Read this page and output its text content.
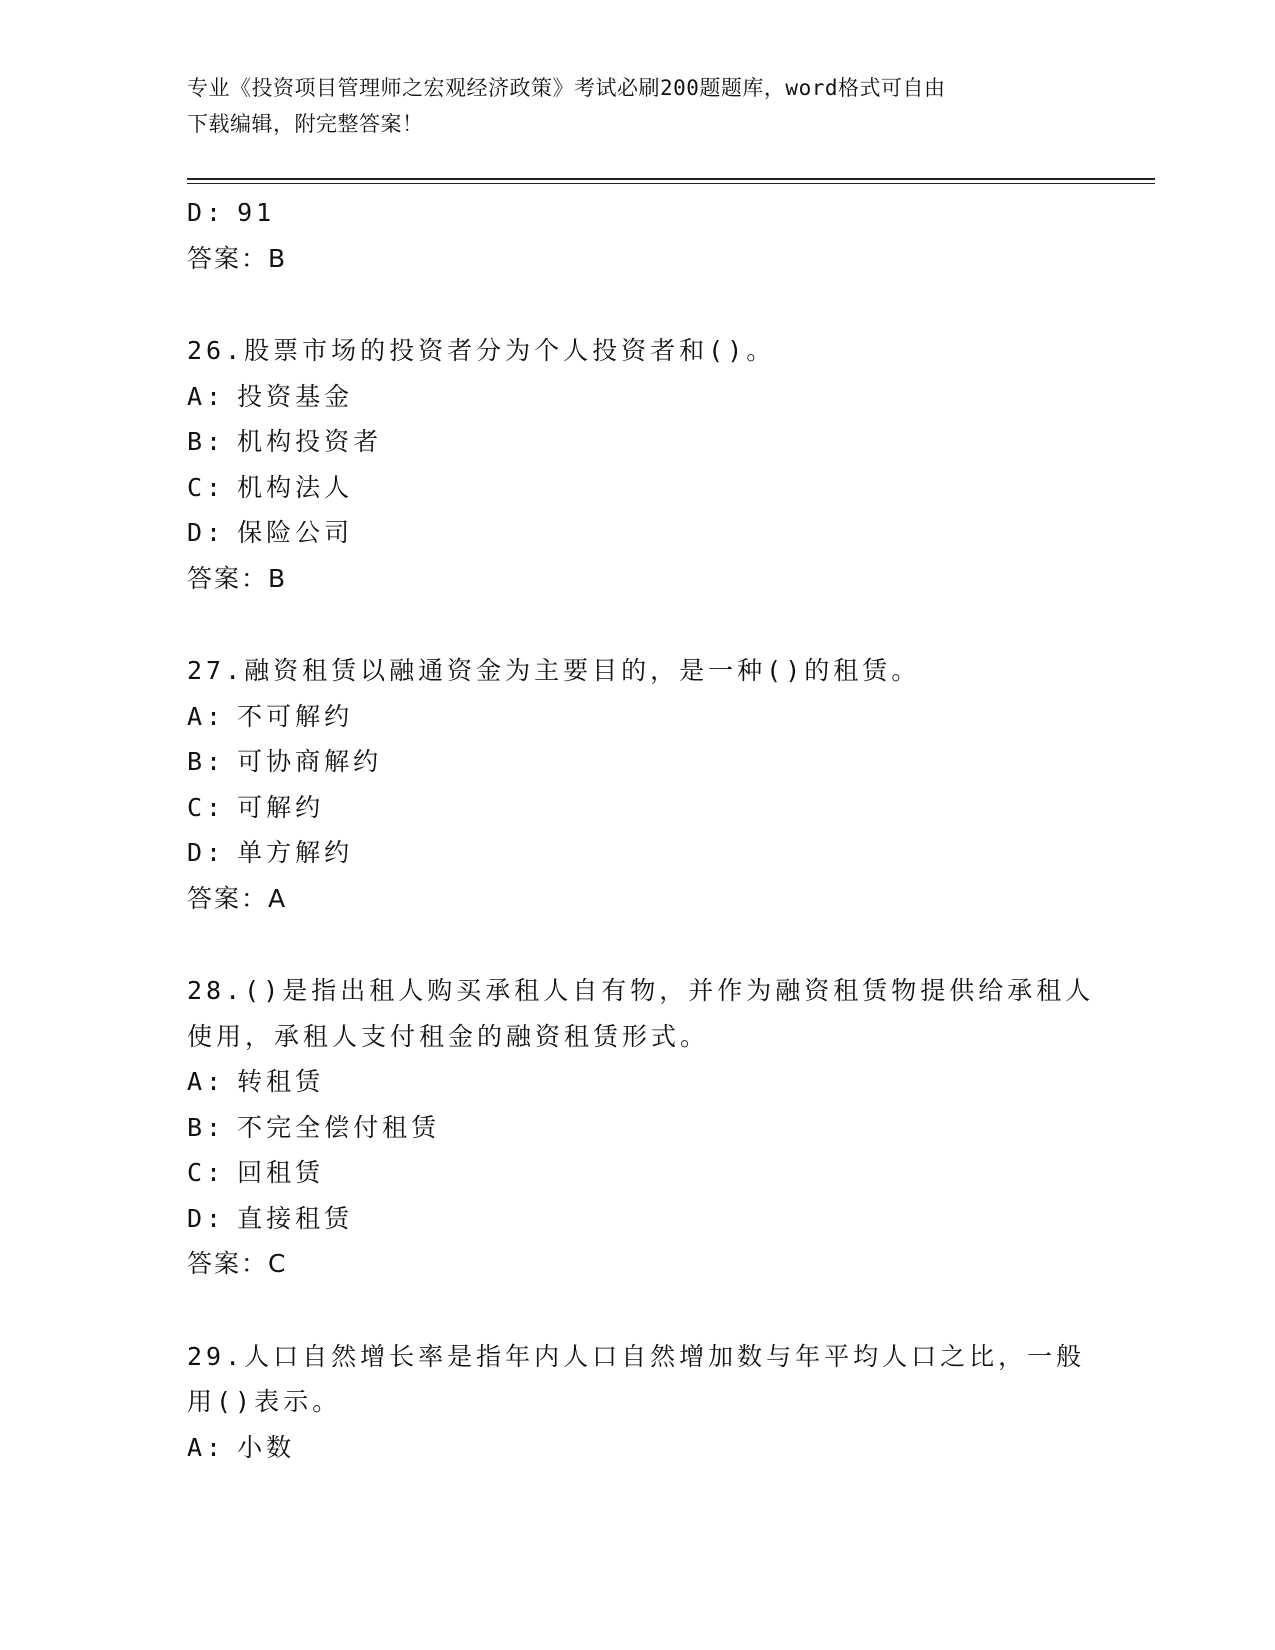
专业《投资项目管理师之宏观经济政策》考试必刷200题题库，word格式可自由
下载编辑，附完整答案！
D: 91
答案：B
26.股票市场的投资者分为个人投资者和()。
A: 投资基金
B: 机构投资者
C: 机构法人
D: 保险公司
答案：B
27.融资租赁以融通资金为主要目的，是一种()的租赁。
A: 不可解约
B: 可协商解约
C: 可解约
D: 单方解约
答案：A
28.()是指出租人购买承租人自有物，并作为融资租赁物提供给承租人
使用，承租人支付租金的融资租赁形式。
A: 转租赁
B: 不完全偿付租赁
C: 回租赁
D: 直接租赁
答案：C
29.人口自然增长率是指年内人口自然增加数与年平均人口之比，一般
用()表示。
A: 小数
